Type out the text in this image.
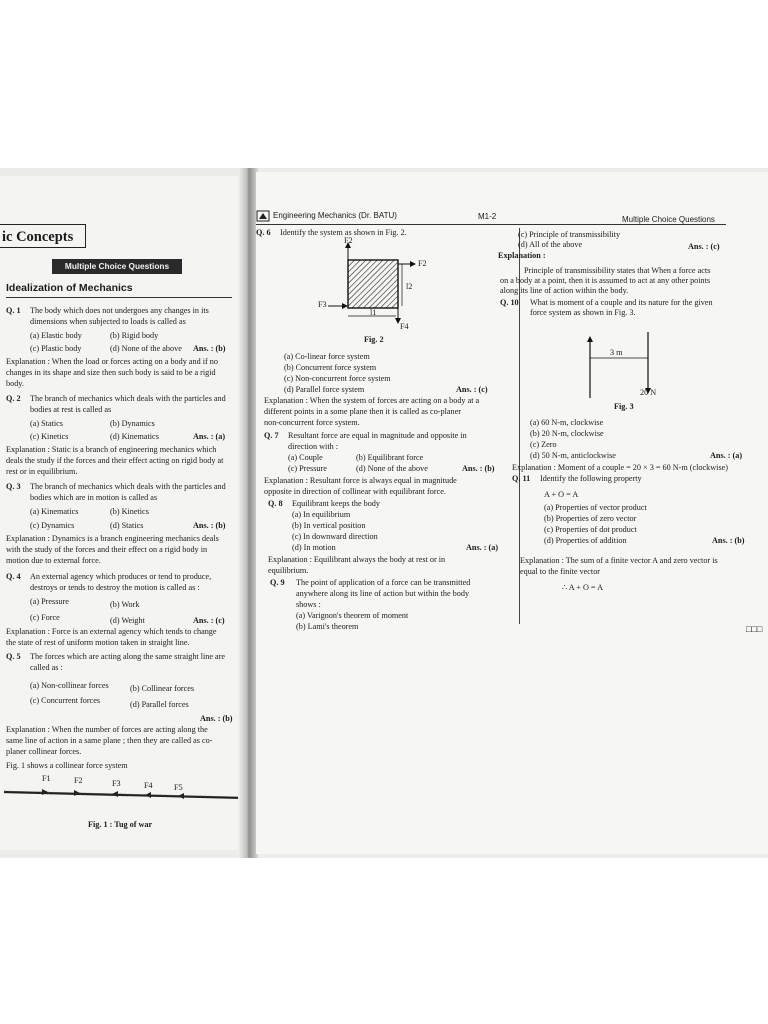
ic Concepts
Multiple Choice Questions
Idealization of Mechanics
Q. 1 The body which does not undergoes any changes in its
dimensions when subjected to loads is called as
(a) Elastic body	(b) Rigid body
(c) Plastic body	(d) None of the above Ans. : (b)
Explanation : When the load or forces acting on a body and if no
changes in its shape and size then such body is said to be a rigid
body.
Q. 2 The branch of mechanics which deals with the particles and
bodies at rest is called as
(a) Statics	(b) Dynamics
(c) Kinetics	(d) Kinematics	Ans. : (a)
Explanation : Static is a branch of engineering mechanics which
deals the study if the forces and their effect acting on rigid body at
rest or in equilibrium.
Q. 3 The branch of mechanics which deals with the particles and
bodies which are in motion is called as
(a) Kinematics	(b) Kinetics
(c) Dynamics	(d) Statics	Ans. : (b)
Explanation : Dynamics is a branch engineering mechanics deals
with the study of the forces and their effect on a rigid body in
motion due to external force.
Q. 4 An external agency which produces or tend to produce,
destroys or tends to destroy the motion is called as :
(a) Pressure	(b) Work
(c) Force	(d) Weight	Ans. : (c)
Explanation : Force is an external agency which tends to change
the state of rest of uniform motion taken in straight line.
Q. 5 The forces which are acting along the same straight line are
called as :
(a) Non-collinear forces	(b) Collinear forces
(c) Concurrent forces	(d) Parallel forces
Ans. : (b)
Explanation : When the number of forces are acting along the
same line of action in a same plane ; then they are called as co-
planer collinear forces.
Fig. 1 shows a collinear force system
F1	F2	F3	F4	F5
Fig. 1 : Tug of war
Engineering Mechanics (Dr. BATU)	M1-2	Multiple Choice Questions
Q. 6 Identify the system as shown in Fig. 2.
F2
F2
F3
F4
l1
l2
Fig. 2
(a) Co-linear force system
(b) Concurrent force system
(c) Non-concurrent force system
(d) Parallel force system	Ans. : (c)
Explanation : When the system of forces are acting on a body at a
different points in a some plane then it is called as co-planer
non-concurrent force system.
Q. 7 Resultant force are equal in magnitude and opposite in
direction with :
(a) Couple	(b) Equilibrant force
(c) Pressure	(d) None of the above	Ans. : (b)
Explanation : Resultant force is always equal in magnitude
opposite in direction of collinear with equilibrant force.
Q. 8 Equilibrant keeps the body
(a) In equilibrium
(b) In vertical position
(c) In downward direction
(d) In motion	Ans. : (a)
Explanation : Equilibrant always the body at rest or in
equilibrium.
Q. 9 The point of application of a force can be transmitted
anywhere along its line of action but within the body
shows :
(a) Varignon's theorem of moment
(b) Lami's theorem
(c) Principle of transmissibility
(d) All of the above	Ans. : (c)
Explanation :
Principle of transmissibility states that When a force acts
on a body at a point, then it is assumed to act at any other points
along its line of action within the body.
Q. 10 What is moment of a couple and its nature for the given
force system as shown in Fig. 3.
3 m
20 N
Fig. 3
(a) 60 N-m, clockwise
(b) 20 N-m, clockwise
(c) Zero
(d) 50 N-m, anticlockwise	Ans. : (a)
Explanation : Moment of a couple = 20 × 3 = 60 N-m (clockwise)
Q. 11 Identify the following property
A + O = A
(a) Properties of vector product
(b) Properties of zero vector
(c) Properties of dot product
(d) Properties of addition	Ans. : (b)
Explanation : The sum of a finite vector A and zero vector is
equal to the finite vector
∴ A + O = A
□□□
